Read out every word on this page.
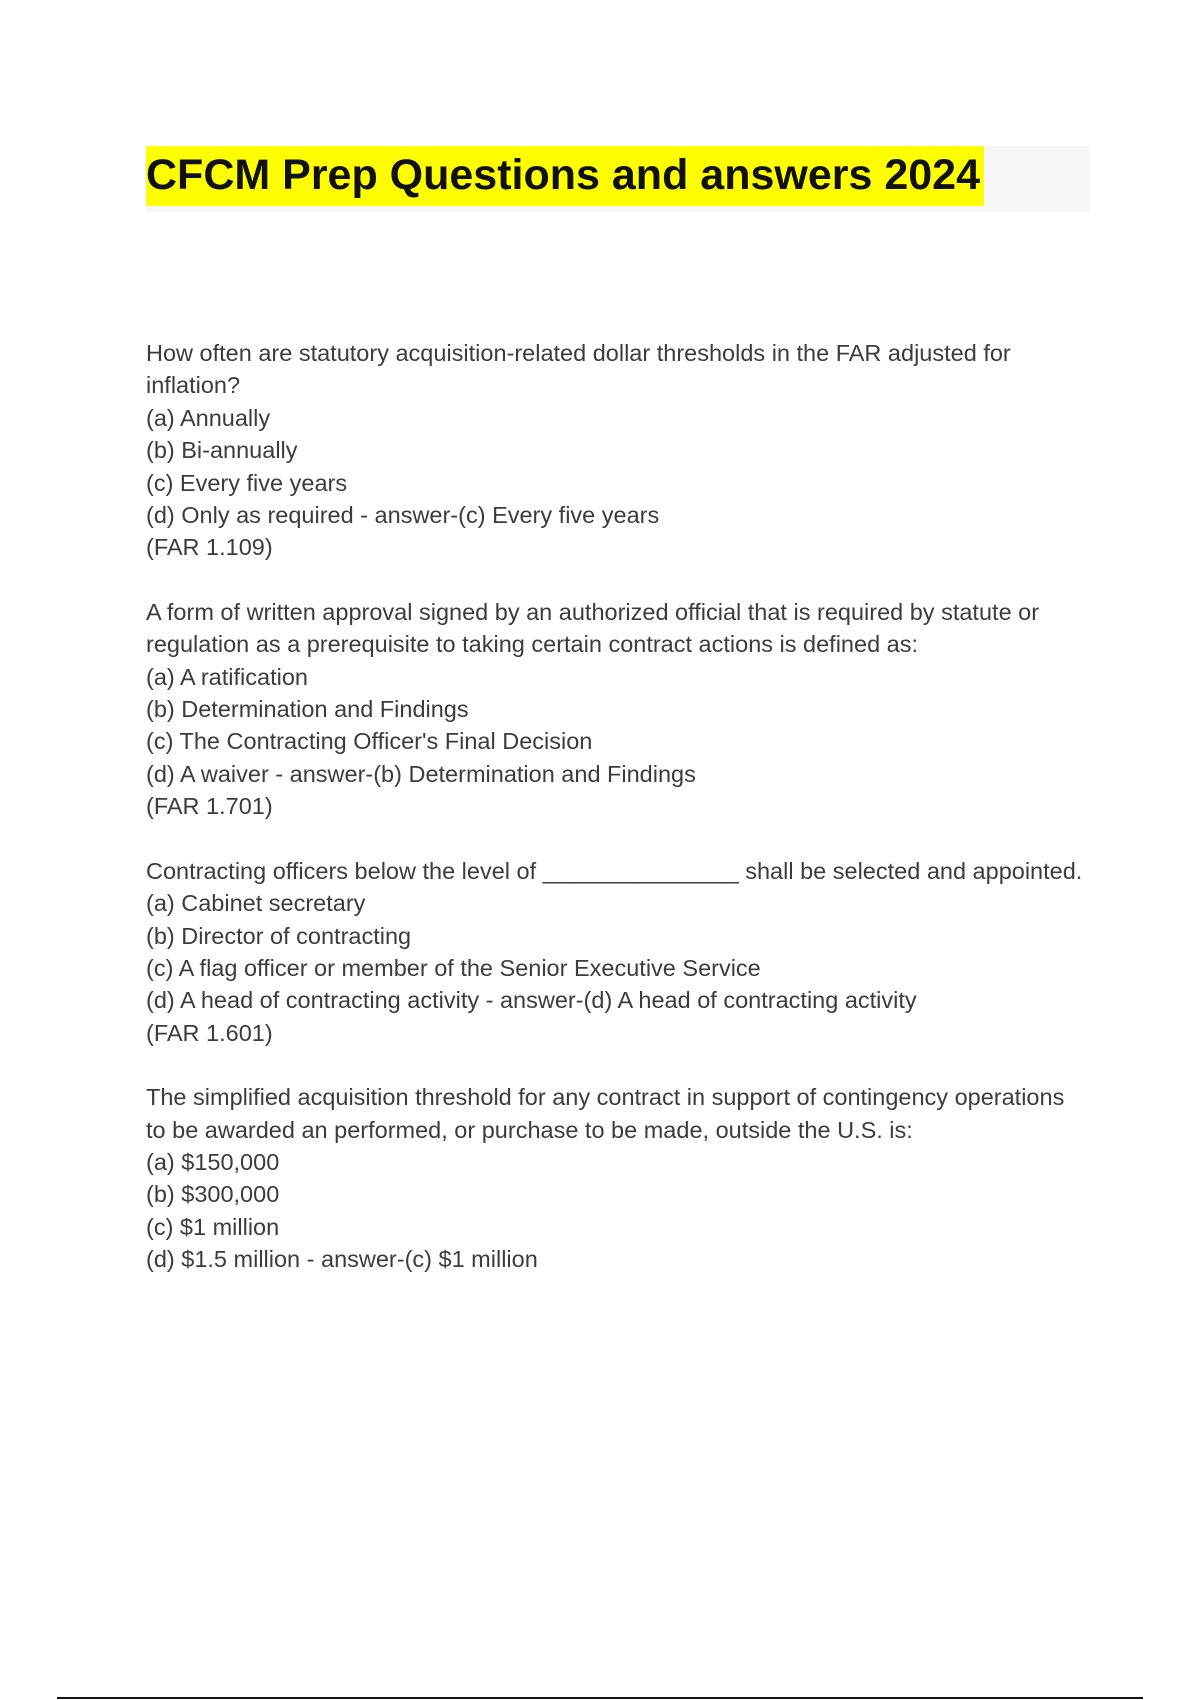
CFCM Prep Questions and answers 2024

How often are statutory acquisition-related dollar thresholds in the FAR adjusted for inflation?

(a) Annually

(b) Bi-annually

(c) Every five years

(d) Only as required - answer-(c) Every five years

(FAR 1.109)

A form of written approval signed by an authorized official that is required by statute or regulation as a prerequisite to taking certain contract actions is defined as:

(a) A ratification

(b) Determination and Findings

(c) The Contracting Officer's Final Decision

(d) A waiver - answer-(b) Determination and Findings

(FAR 1.701)

Contracting officers below the level of _______________ shall be selected and appointed.

(a) Cabinet secretary

(b) Director of contracting

(c) A flag officer or member of the Senior Executive Service

(d) A head of contracting activity - answer-(d) A head of contracting activity

(FAR 1.601)

The simplified acquisition threshold for any contract in support of contingency operations to be awarded an performed, or purchase to be made, outside the U.S. is:

(a) $150,000

(b) $300,000

(c) $1 million

(d) $1.5 million - answer-(c) $1 million
